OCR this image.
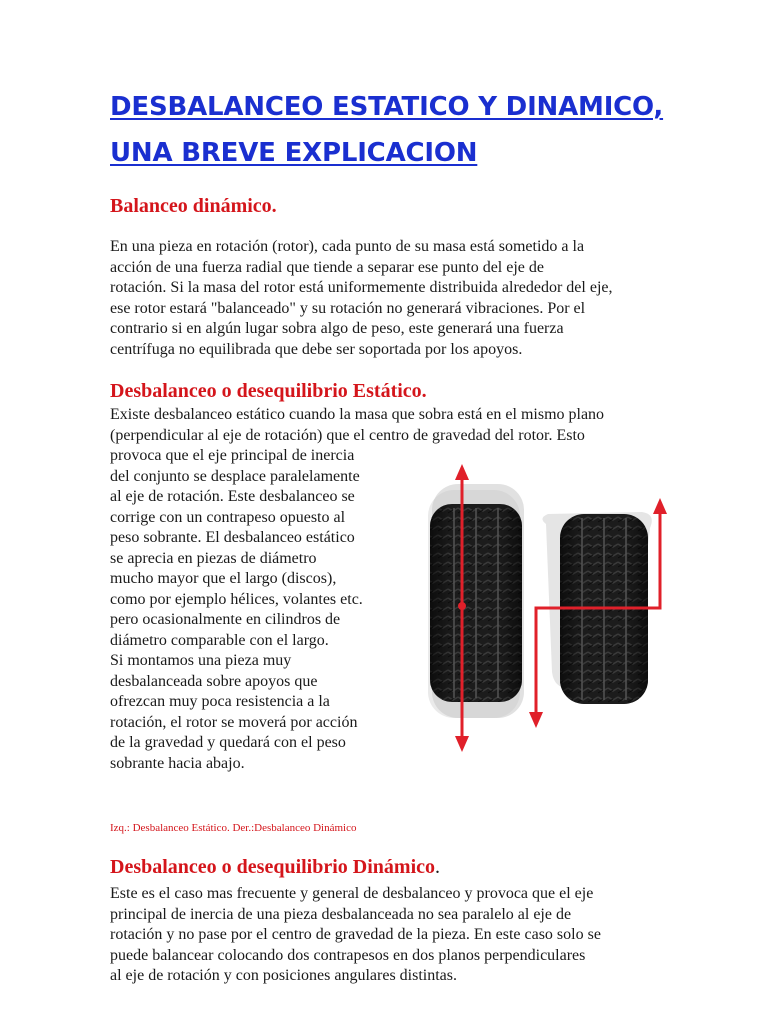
DESBALANCEO ESTATICO Y DINAMICO,
UNA BREVE EXPLICACION
Balanceo dinámico.
En una pieza en rotación (rotor), cada punto de su masa está sometido a la
acción de una fuerza radial que tiende a separar ese punto del eje de
rotación. Si la masa del rotor está uniformemente distribuida alrededor del eje,
ese rotor estará "balanceado" y su rotación no generará vibraciones. Por el
contrario si en algún lugar sobra algo de peso, este generará una fuerza
centrífuga no equilibrada que debe ser soportada por los apoyos.
Desbalanceo o desequilibrio Estático.
Existe desbalanceo estático cuando la masa que sobra está en el mismo plano
(perpendicular al eje de rotación) que el centro de gravedad del rotor. Esto
provoca que el eje principal de inercia
del conjunto se desplace paralelamente
al eje de rotación. Este desbalanceo se
corrige con un contrapeso opuesto al
peso sobrante. El desbalanceo estático
se aprecia en piezas de diámetro
mucho mayor que el largo (discos),
como por ejemplo hélices, volantes etc.
pero ocasionalmente en cilindros de
diámetro comparable con el largo.
Si montamos una pieza muy
desbalanceada sobre apoyos que
ofrezcan muy poca resistencia a la
rotación, el rotor se moverá por acción
de la gravedad y quedará con el peso
sobrante hacia abajo.
Izq.: Desbalanceo Estático. Der.:Desbalanceo Dinámico
Desbalanceo o desequilibrio Dinámico.
Este es el caso mas frecuente y general de desbalanceo y provoca que el eje
principal de inercia de una pieza desbalanceada no sea paralelo al eje de
rotación y no pase por el centro de gravedad de la pieza. En este caso solo se
puede balancear colocando dos contrapesos en dos planos perpendiculares
al eje de rotación y con posiciones angulares distintas.
